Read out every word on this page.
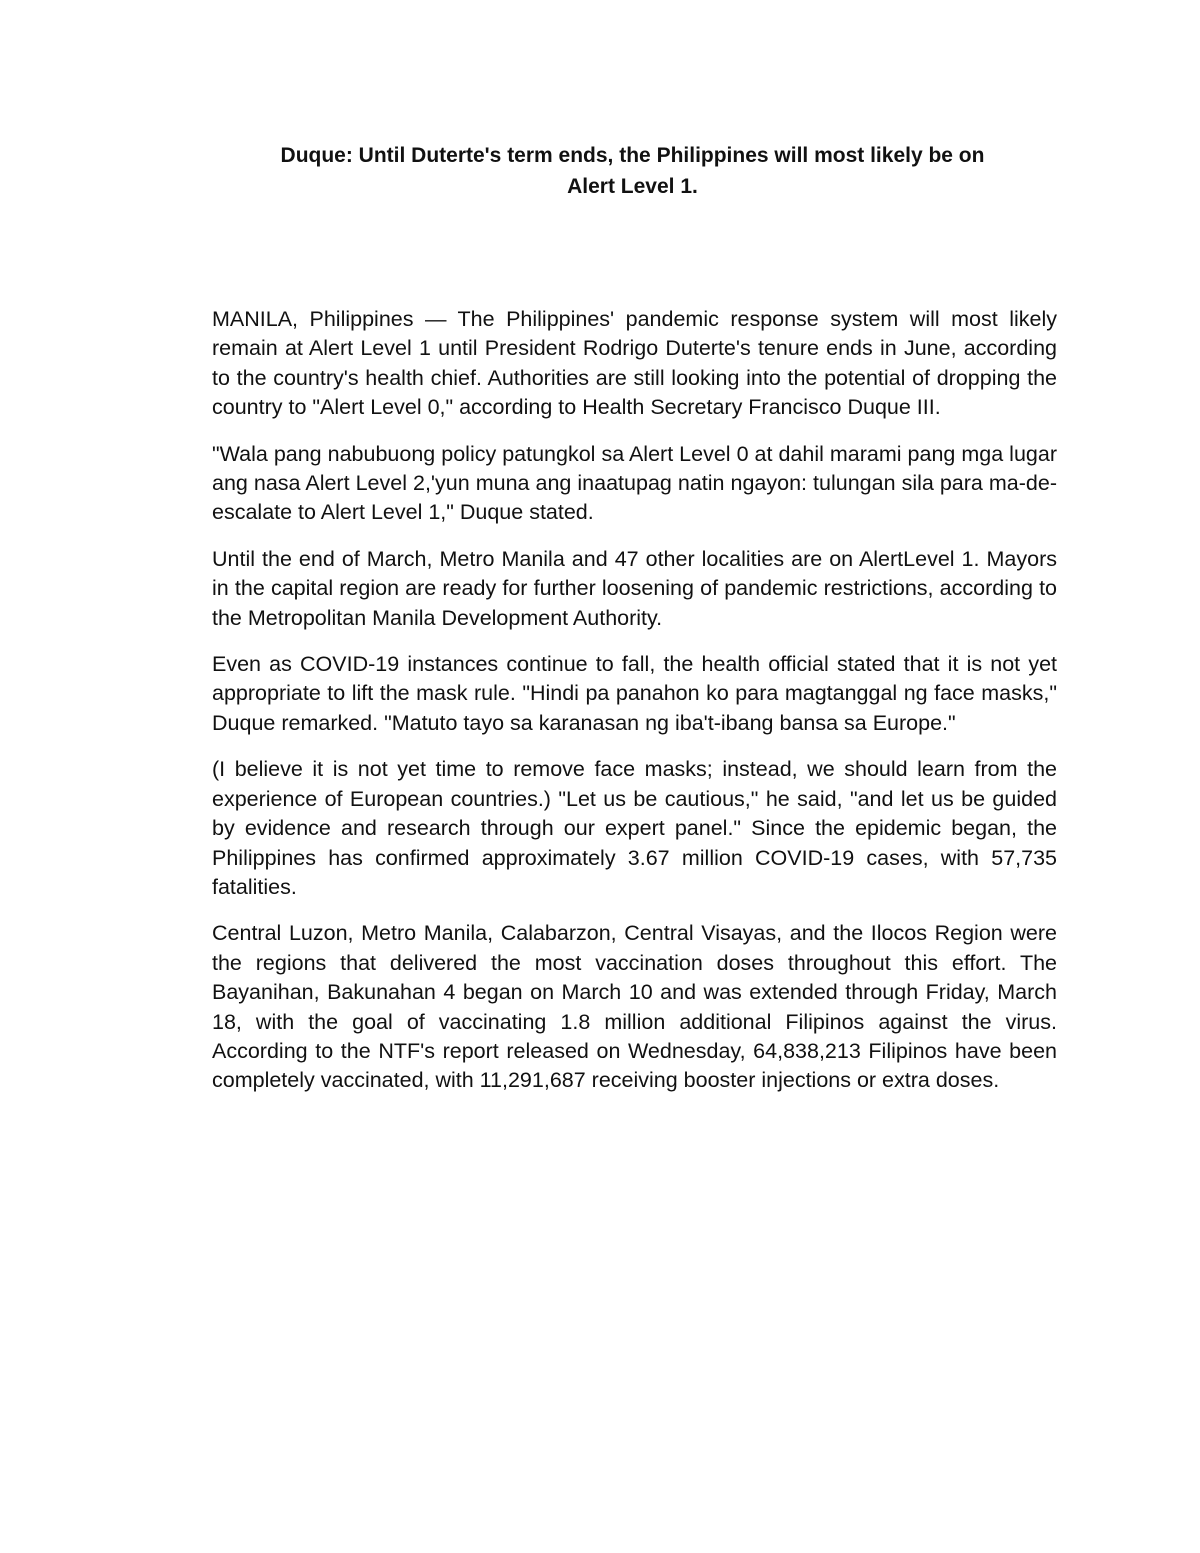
Duque: Until Duterte's term ends, the Philippines will most likely be on
Alert Level 1.

MANILA, Philippines — The Philippines' pandemic response system will most likely remain at Alert Level 1 until President Rodrigo Duterte's tenure ends in June, according to the country's health chief. Authorities are still looking into the potential of dropping the country to "Alert Level 0," according to Health Secretary Francisco Duque III.

"Wala pang nabubuong policy patungkol sa Alert Level 0 at dahil marami pang mga lugar ang nasa Alert Level 2,'yun muna ang inaatupag natin ngayon: tulungan sila para ma-de-escalate to Alert Level 1," Duque stated.

Until the end of March, Metro Manila and 47 other localities are on AlertLevel 1. Mayors in the capital region are ready for further loosening of pandemic restrictions, according to the Metropolitan Manila Development Authority.

Even as COVID-19 instances continue to fall, the health official stated that it is not yet appropriate to lift the mask rule. "Hindi pa panahon ko para magtanggal ng face masks," Duque remarked. "Matuto tayo sa karanasan ng iba't-ibang bansa sa Europe."

(I believe it is not yet time to remove face masks; instead, we should learn from the experience of European countries.) "Let us be cautious," he said, "and let us be guided by evidence and research through our expert panel." Since the epidemic began, the Philippines has confirmed approximately 3.67 million COVID-19 cases, with 57,735 fatalities.

Central Luzon, Metro Manila, Calabarzon, Central Visayas, and the Ilocos Region were the regions that delivered the most vaccination doses throughout this effort. The Bayanihan, Bakunahan 4 began on March 10 and was extended through Friday, March 18, with the goal of vaccinating 1.8 million additional Filipinos against the virus. According to the NTF's report released on Wednesday, 64,838,213 Filipinos have been completely vaccinated, with 11,291,687 receiving booster injections or extra doses.
